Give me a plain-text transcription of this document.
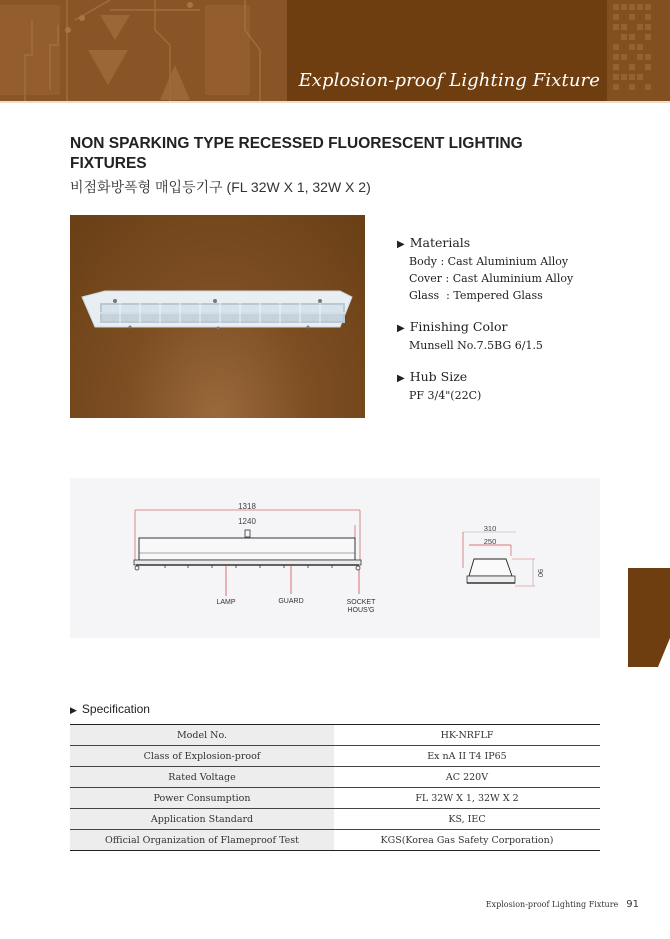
Explosion-proof Lighting Fixture
NON SPARKING TYPE RECESSED FLUORESCENT LIGHTING FIXTURES
비점화방폭형 매입등기구 (FL 32W X 1, 32W X 2)
▶ Materials
Body : Cast Aluminium Alloy
Cover : Cast Aluminium Alloy
Glass  : Tempered Glass
▶ Finishing Color
Munsell No.7.5BG 6/1.5
▶ Hub Size
PF 3/4"(22C)
1318
1240
LAMP	GUARD	SOCKET
HOUS'G
310
250
90
▶ Specification
Model No.	HK-NRFLF
Class of Explosion-proof	Ex nA II T4 IP65
Rated Voltage	AC 220V
Power Consumption	FL 32W X 1, 32W X 2
Application Standard	KS, IEC
Official Organization of Flameproof Test	KGS(Korea Gas Safety Corporation)
Explosion-proof Lighting Fixture 91
